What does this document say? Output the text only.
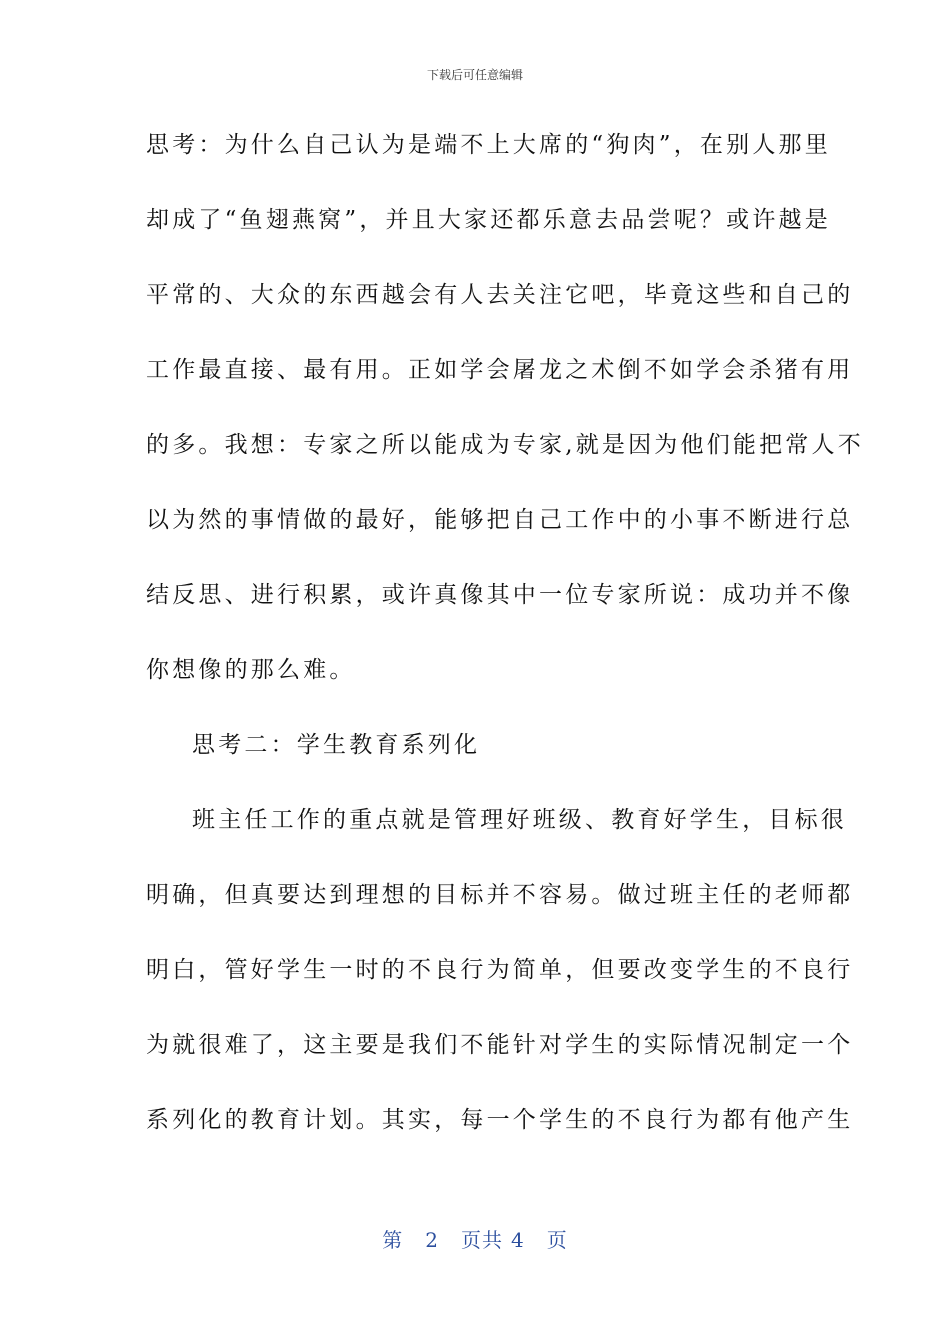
下载后可任意编辑
思考：为什么自己认为是端不上大席的“狗肉”，在别人那里
却成了“鱼翅燕窝”，并且大家还都乐意去品尝呢？或许越是
平常的、大众的东西越会有人去关注它吧，毕竟这些和自己的
工作最直接、最有用。正如学会屠龙之术倒不如学会杀猪有用
的多。我想：专家之所以能成为专家,就是因为他们能把常人不
以为然的事情做的最好，能够把自己工作中的小事不断进行总
结反思、进行积累，或许真像其中一位专家所说：成功并不像
你想像的那么难。
思考二：学生教育系列化
班主任工作的重点就是管理好班级、教育好学生，目标很
明确，但真要达到理想的目标并不容易。做过班主任的老师都
明白，管好学生一时的不良行为简单，但要改变学生的不良行
为就很难了，这主要是我们不能针对学生的实际情况制定一个
系列化的教育计划。其实，每一个学生的不良行为都有他产生
第 2 页共 4 页
